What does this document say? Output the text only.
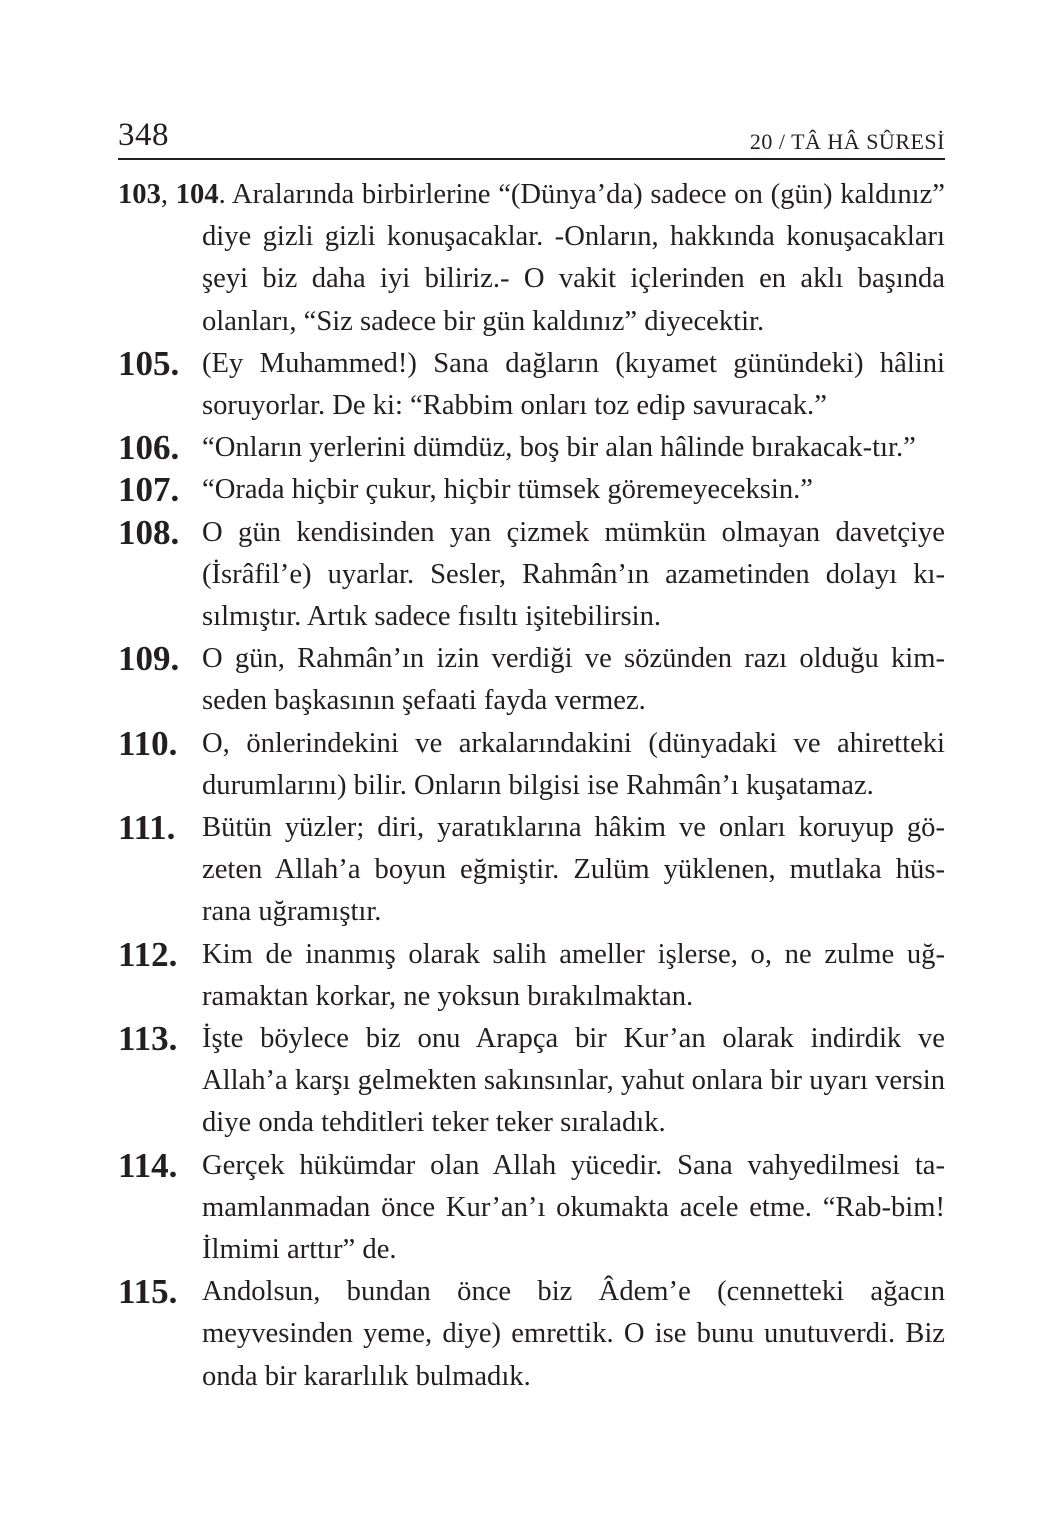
348	20 / TÂ HÂ SÛRESİ
103, 104. Aralarında birbirlerine “(Dünya’da) sadece on (gün) kaldınız” diye gizli gizli konuşacaklar. -Onların, hakkında konuşacakları şeyi biz daha iyi biliriz.- O vakit içlerinden en aklı başında olanları, “Siz sadece bir gün kaldınız” diyecektir.
105. (Ey Muhammed!) Sana dağların (kıyamet günündeki) hâlini soruyorlar. De ki: “Rabbim onları toz edip savuracak.”
106. “Onların yerlerini dümdüz, boş bir alan hâlinde bırakacak-tır.”
107. “Orada hiçbir çukur, hiçbir tümsek göremeyeceksin.”
108. O gün kendisinden yan çizmek mümkün olmayan davetçiye (İsrâfil’e) uyarlar. Sesler, Rahmân’ın azametinden dolayı kı-sılmıştır. Artık sadece fısıltı işitebilirsin.
109. O gün, Rahmân’ın izin verdiği ve sözünden razı olduğu kim-seden başkasının şefaati fayda vermez.
110. O, önlerindekini ve arkalarındakini (dünyadaki ve ahiretteki durumlarını) bilir. Onların bilgisi ise Rahmân’ı kuşatamaz.
111. Bütün yüzler; diri, yaratıklarına hâkim ve onları koruyup gö-zeten Allah’a boyun eğmiştir. Zulüm yüklenen, mutlaka hüs-rana uğramıştır.
112. Kim de inanmış olarak salih ameller işlerse, o, ne zulme uğ-ramaktan korkar, ne yoksun bırakılmaktan.
113. İşte böylece biz onu Arapça bir Kur’an olarak indirdik ve Allah’a karşı gelmekten sakınsınlar, yahut onlara bir uyarı versin diye onda tehditleri teker teker sıraladık.
114. Gerçek hükümdar olan Allah yücedir. Sana vahyedilmesi ta-mamlanmadan önce Kur’an’ı okumakta acele etme. “Rab-bim! İlmimi arttır” de.
115. Andolsun, bundan önce biz Âdem’e (cennetteki ağacın meyvesinden yeme, diye) emrettik. O ise bunu unutuverdi. Biz onda bir kararlılık bulmadık.
